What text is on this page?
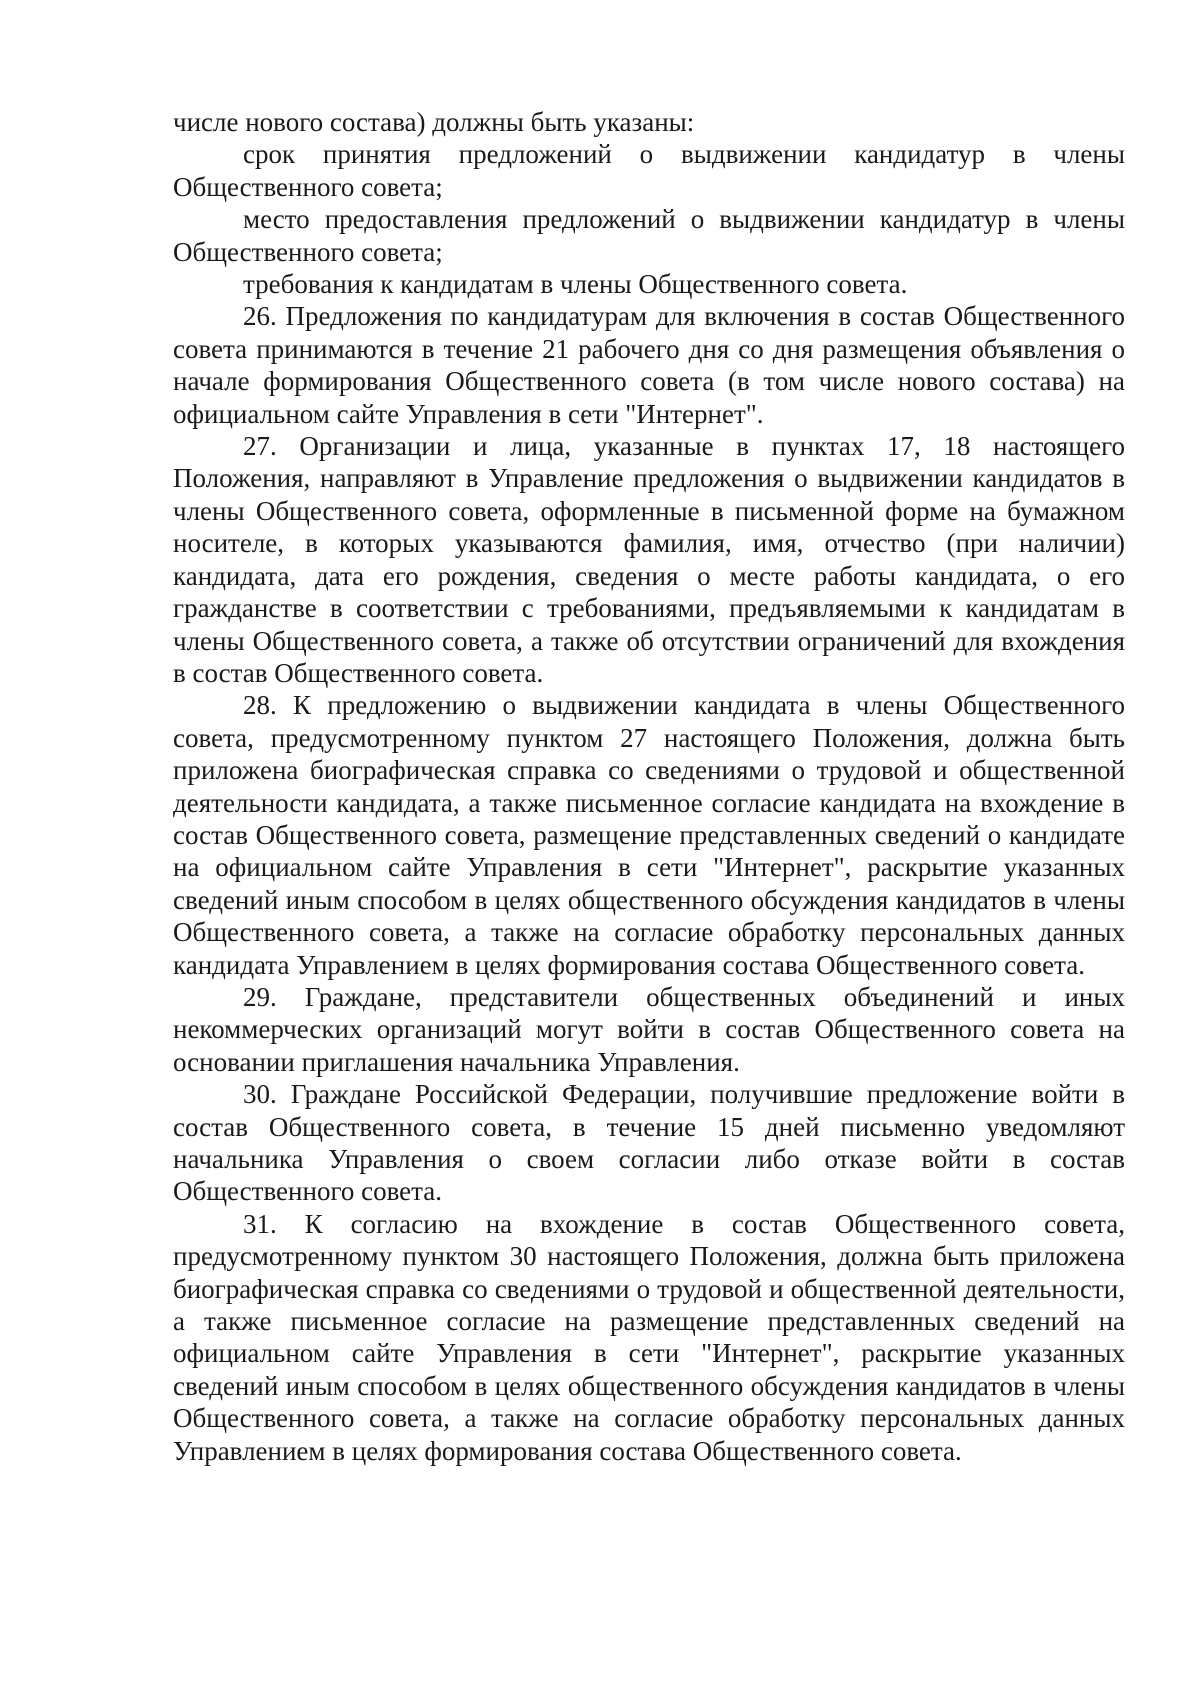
числе нового состава) должны быть указаны:

срок принятия предложений о выдвижении кандидатур в члены Общественного совета;

место предоставления предложений о выдвижении кандидатур в члены Общественного совета;

требования к кандидатам в члены Общественного совета.

26. Предложения по кандидатурам для включения в состав Общественного совета принимаются в течение 21 рабочего дня со дня размещения объявления о начале формирования Общественного совета (в том числе нового состава) на официальном сайте Управления в сети "Интернет".

27. Организации и лица, указанные в пунктах 17, 18 настоящего Положения, направляют в Управление предложения о выдвижении кандидатов в члены Общественного совета, оформленные в письменной форме на бумажном носителе, в которых указываются фамилия, имя, отчество (при наличии) кандидата, дата его рождения, сведения о месте работы кандидата, о его гражданстве в соответствии с требованиями, предъявляемыми к кандидатам в члены Общественного совета, а также об отсутствии ограничений для вхождения в состав Общественного совета.

28. К предложению о выдвижении кандидата в члены Общественного совета, предусмотренному пунктом 27 настоящего Положения, должна быть приложена биографическая справка со сведениями о трудовой и общественной деятельности кандидата, а также письменное согласие кандидата на вхождение в состав Общественного совета, размещение представленных сведений о кандидате на официальном сайте Управления в сети "Интернет", раскрытие указанных сведений иным способом в целях общественного обсуждения кандидатов в члены Общественного совета, а также на согласие обработку персональных данных кандидата Управлением в целях формирования состава Общественного совета.

29. Граждане, представители общественных объединений и иных некоммерческих организаций могут войти в состав Общественного совета на основании приглашения начальника Управления.

30. Граждане Российской Федерации, получившие предложение войти в состав Общественного совета, в течение 15 дней письменно уведомляют начальника Управления о своем согласии либо отказе войти в состав Общественного совета.

31. К согласию на вхождение в состав Общественного совета, предусмотренному пунктом 30 настоящего Положения, должна быть приложена биографическая справка со сведениями о трудовой и общественной деятельности, а также письменное согласие на размещение представленных сведений на официальном сайте Управления в сети "Интернет", раскрытие указанных сведений иным способом в целях общественного обсуждения кандидатов в члены Общественного совета, а также на согласие обработку персональных данных Управлением в целях формирования состава Общественного совета.
